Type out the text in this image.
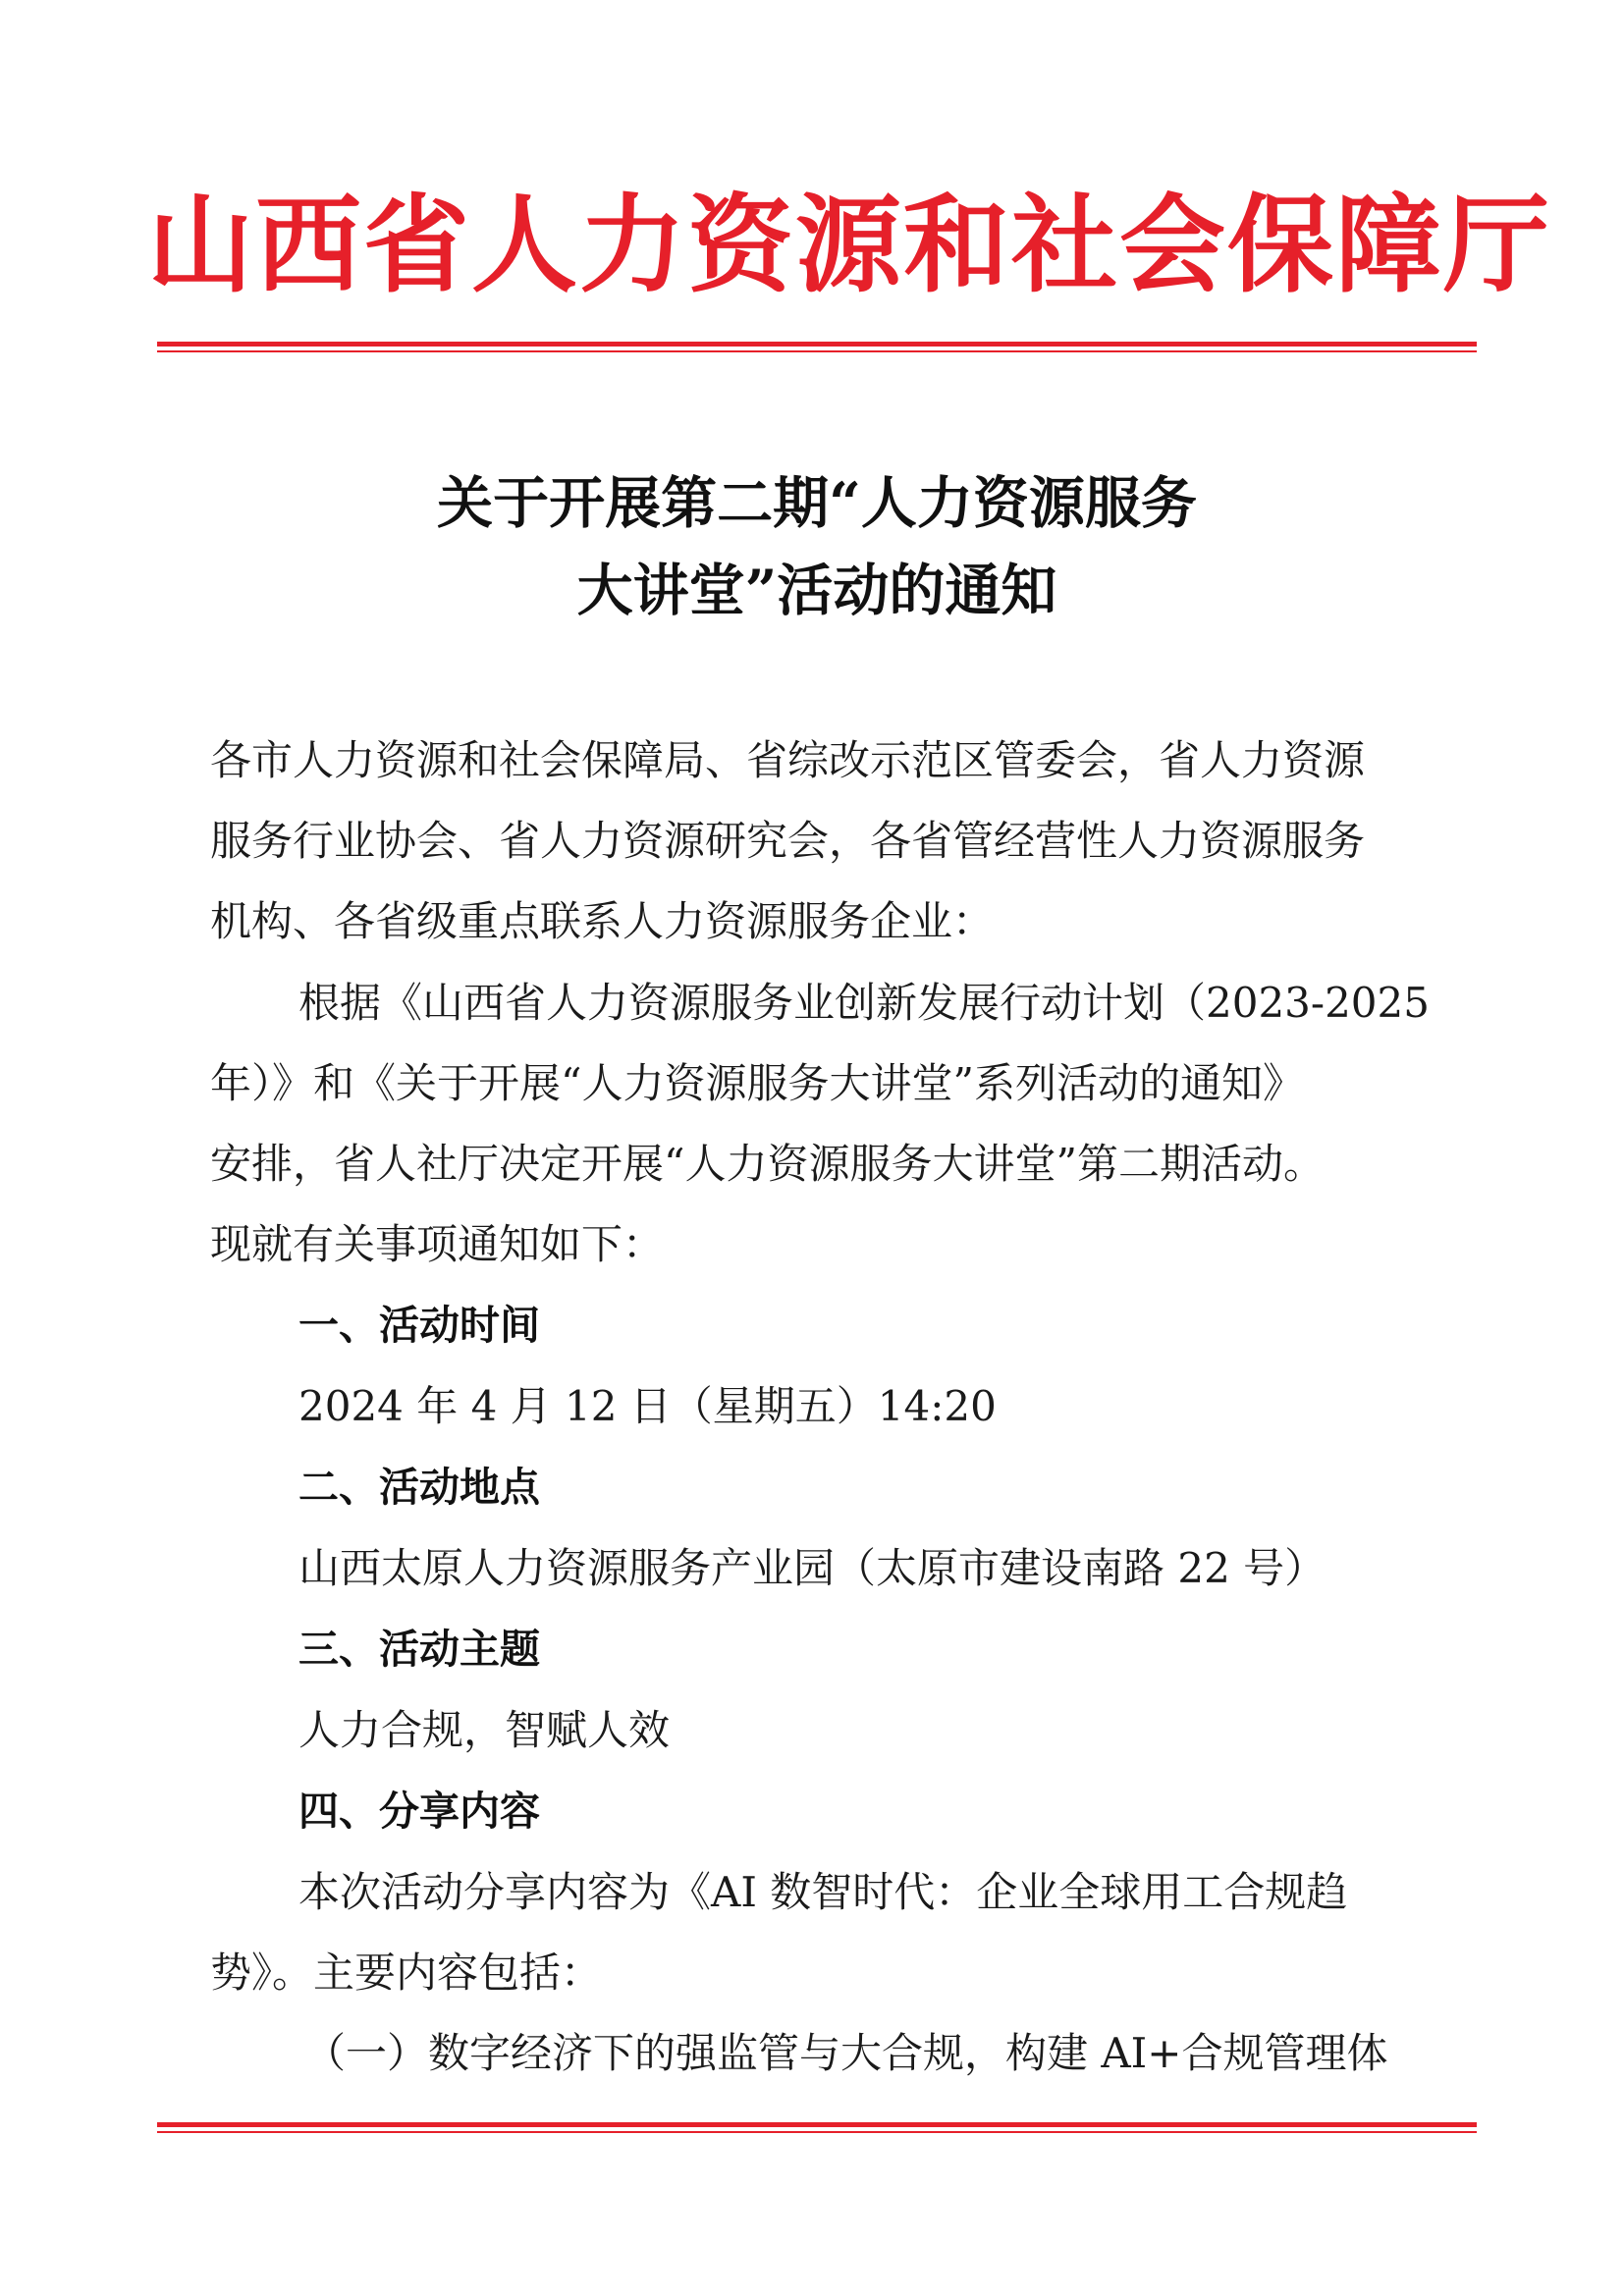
山西省人力资源和社会保障厅
关于开展第二期“人力资源服务
大讲堂”活动的通知
各市人力资源和社会保障局、省综改示范区管委会，省人力资源
服务行业协会、省人力资源研究会，各省管经营性人力资源服务
机构、各省级重点联系人力资源服务企业：
根据《山西省人力资源服务业创新发展行动计划（2023-2025
年）》和《关于开展“人力资源服务大讲堂”系列活动的通知》
安排，省人社厅决定开展“人力资源服务大讲堂”第二期活动。
现就有关事项通知如下：
一、活动时间
2024 年 4 月 12 日（星期五）14:20
二、活动地点
山西太原人力资源服务产业园（太原市建设南路 22 号）
三、活动主题
人力合规，智赋人效
四、分享内容
本次活动分享内容为《AI 数智时代：企业全球用工合规趋
势》。主要内容包括：
（一）数字经济下的强监管与大合规，构建 AI+合规管理体
